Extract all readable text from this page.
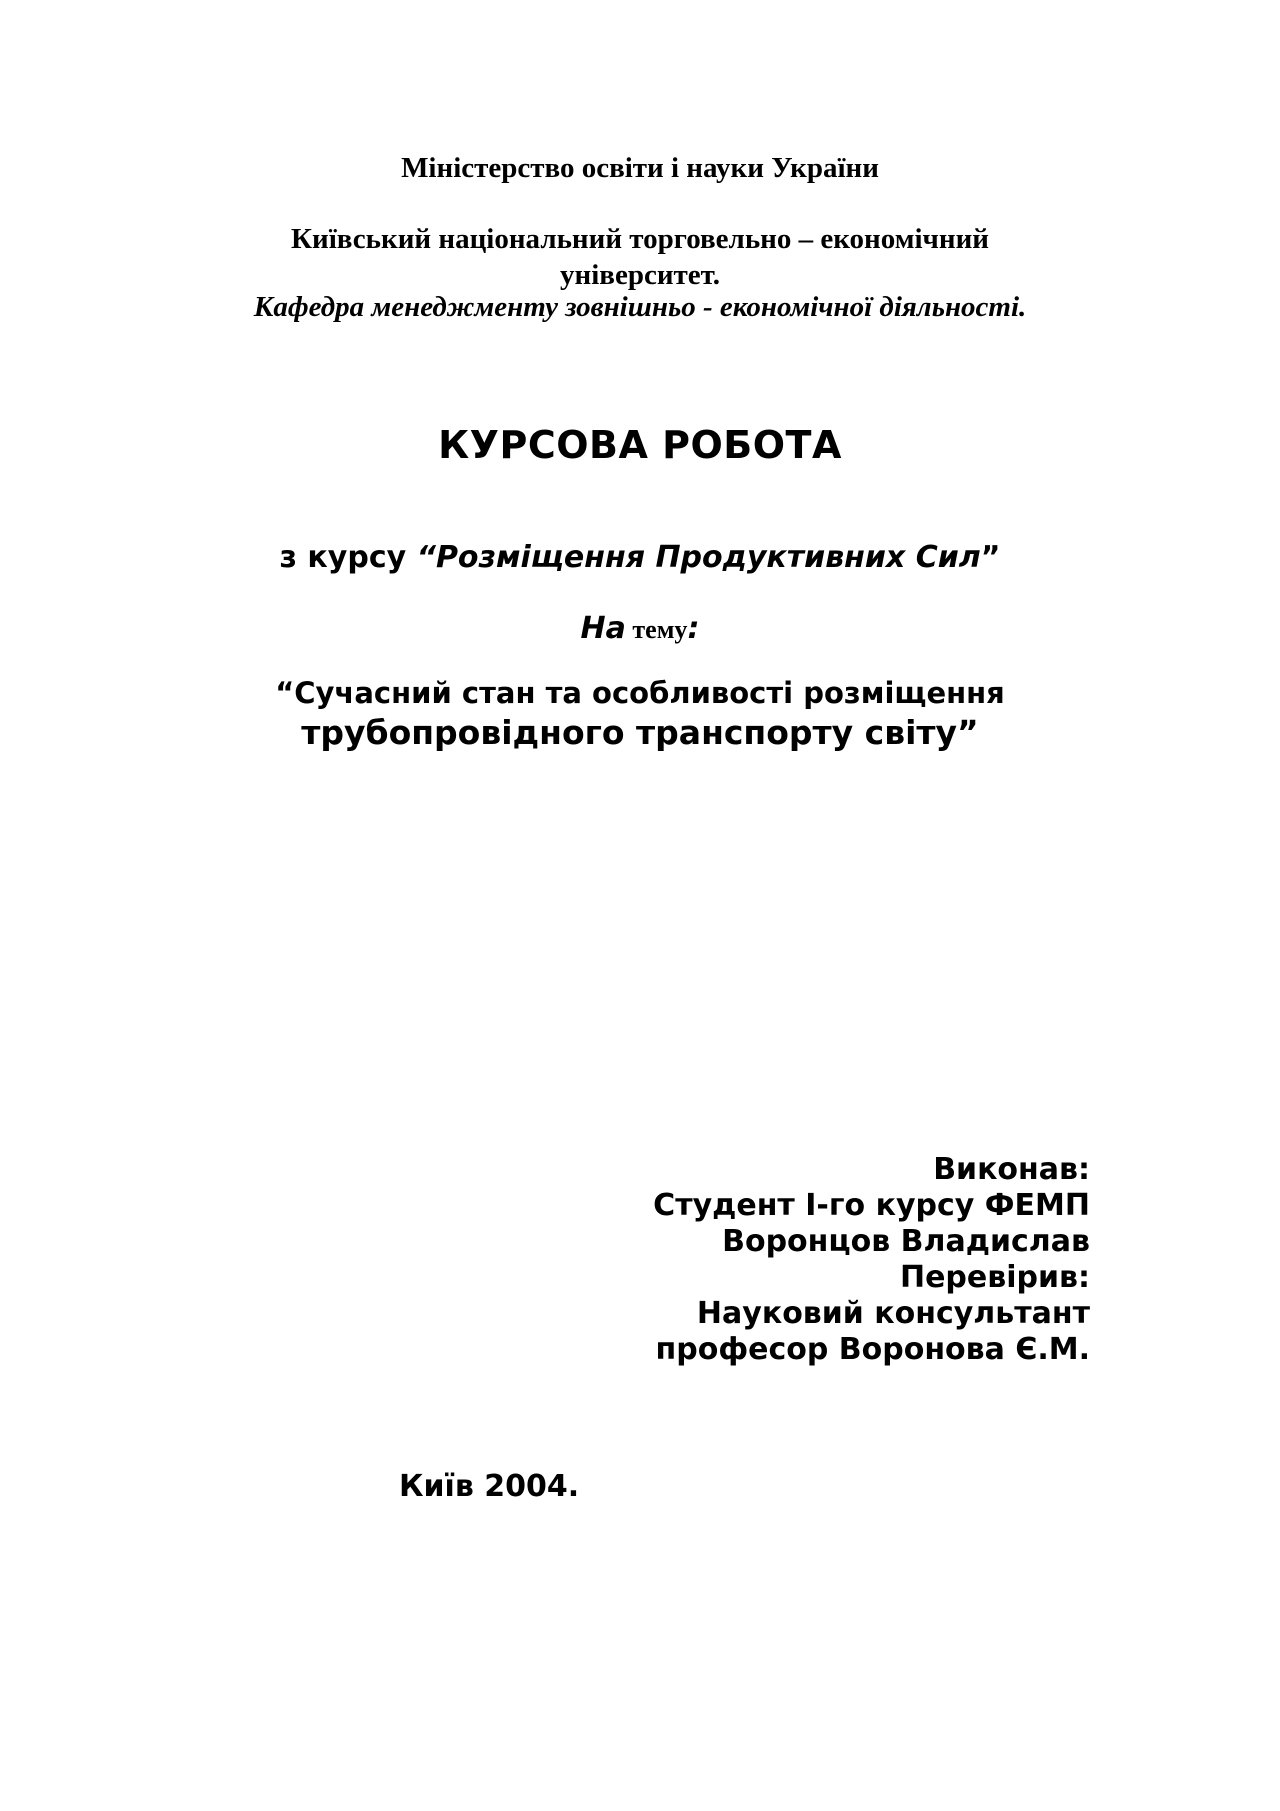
Міністерство освіти і науки України
Київський національний торговельно – економічний
університет.
Кафедра менеджменту зовнішньо - економічної діяльності.
КУРСОВА РОБОТА
з курсу “Розміщення Продуктивних Сил”
На тему:
“Сучасний стан та особливості розміщення
трубопровідного транспорту світу”
Виконав:
Студент І-го курсу ФЕМП
Воронцов Владислав
Перевірив:
Науковий консультант
професор Воронова Є.М.
Київ 2004.
